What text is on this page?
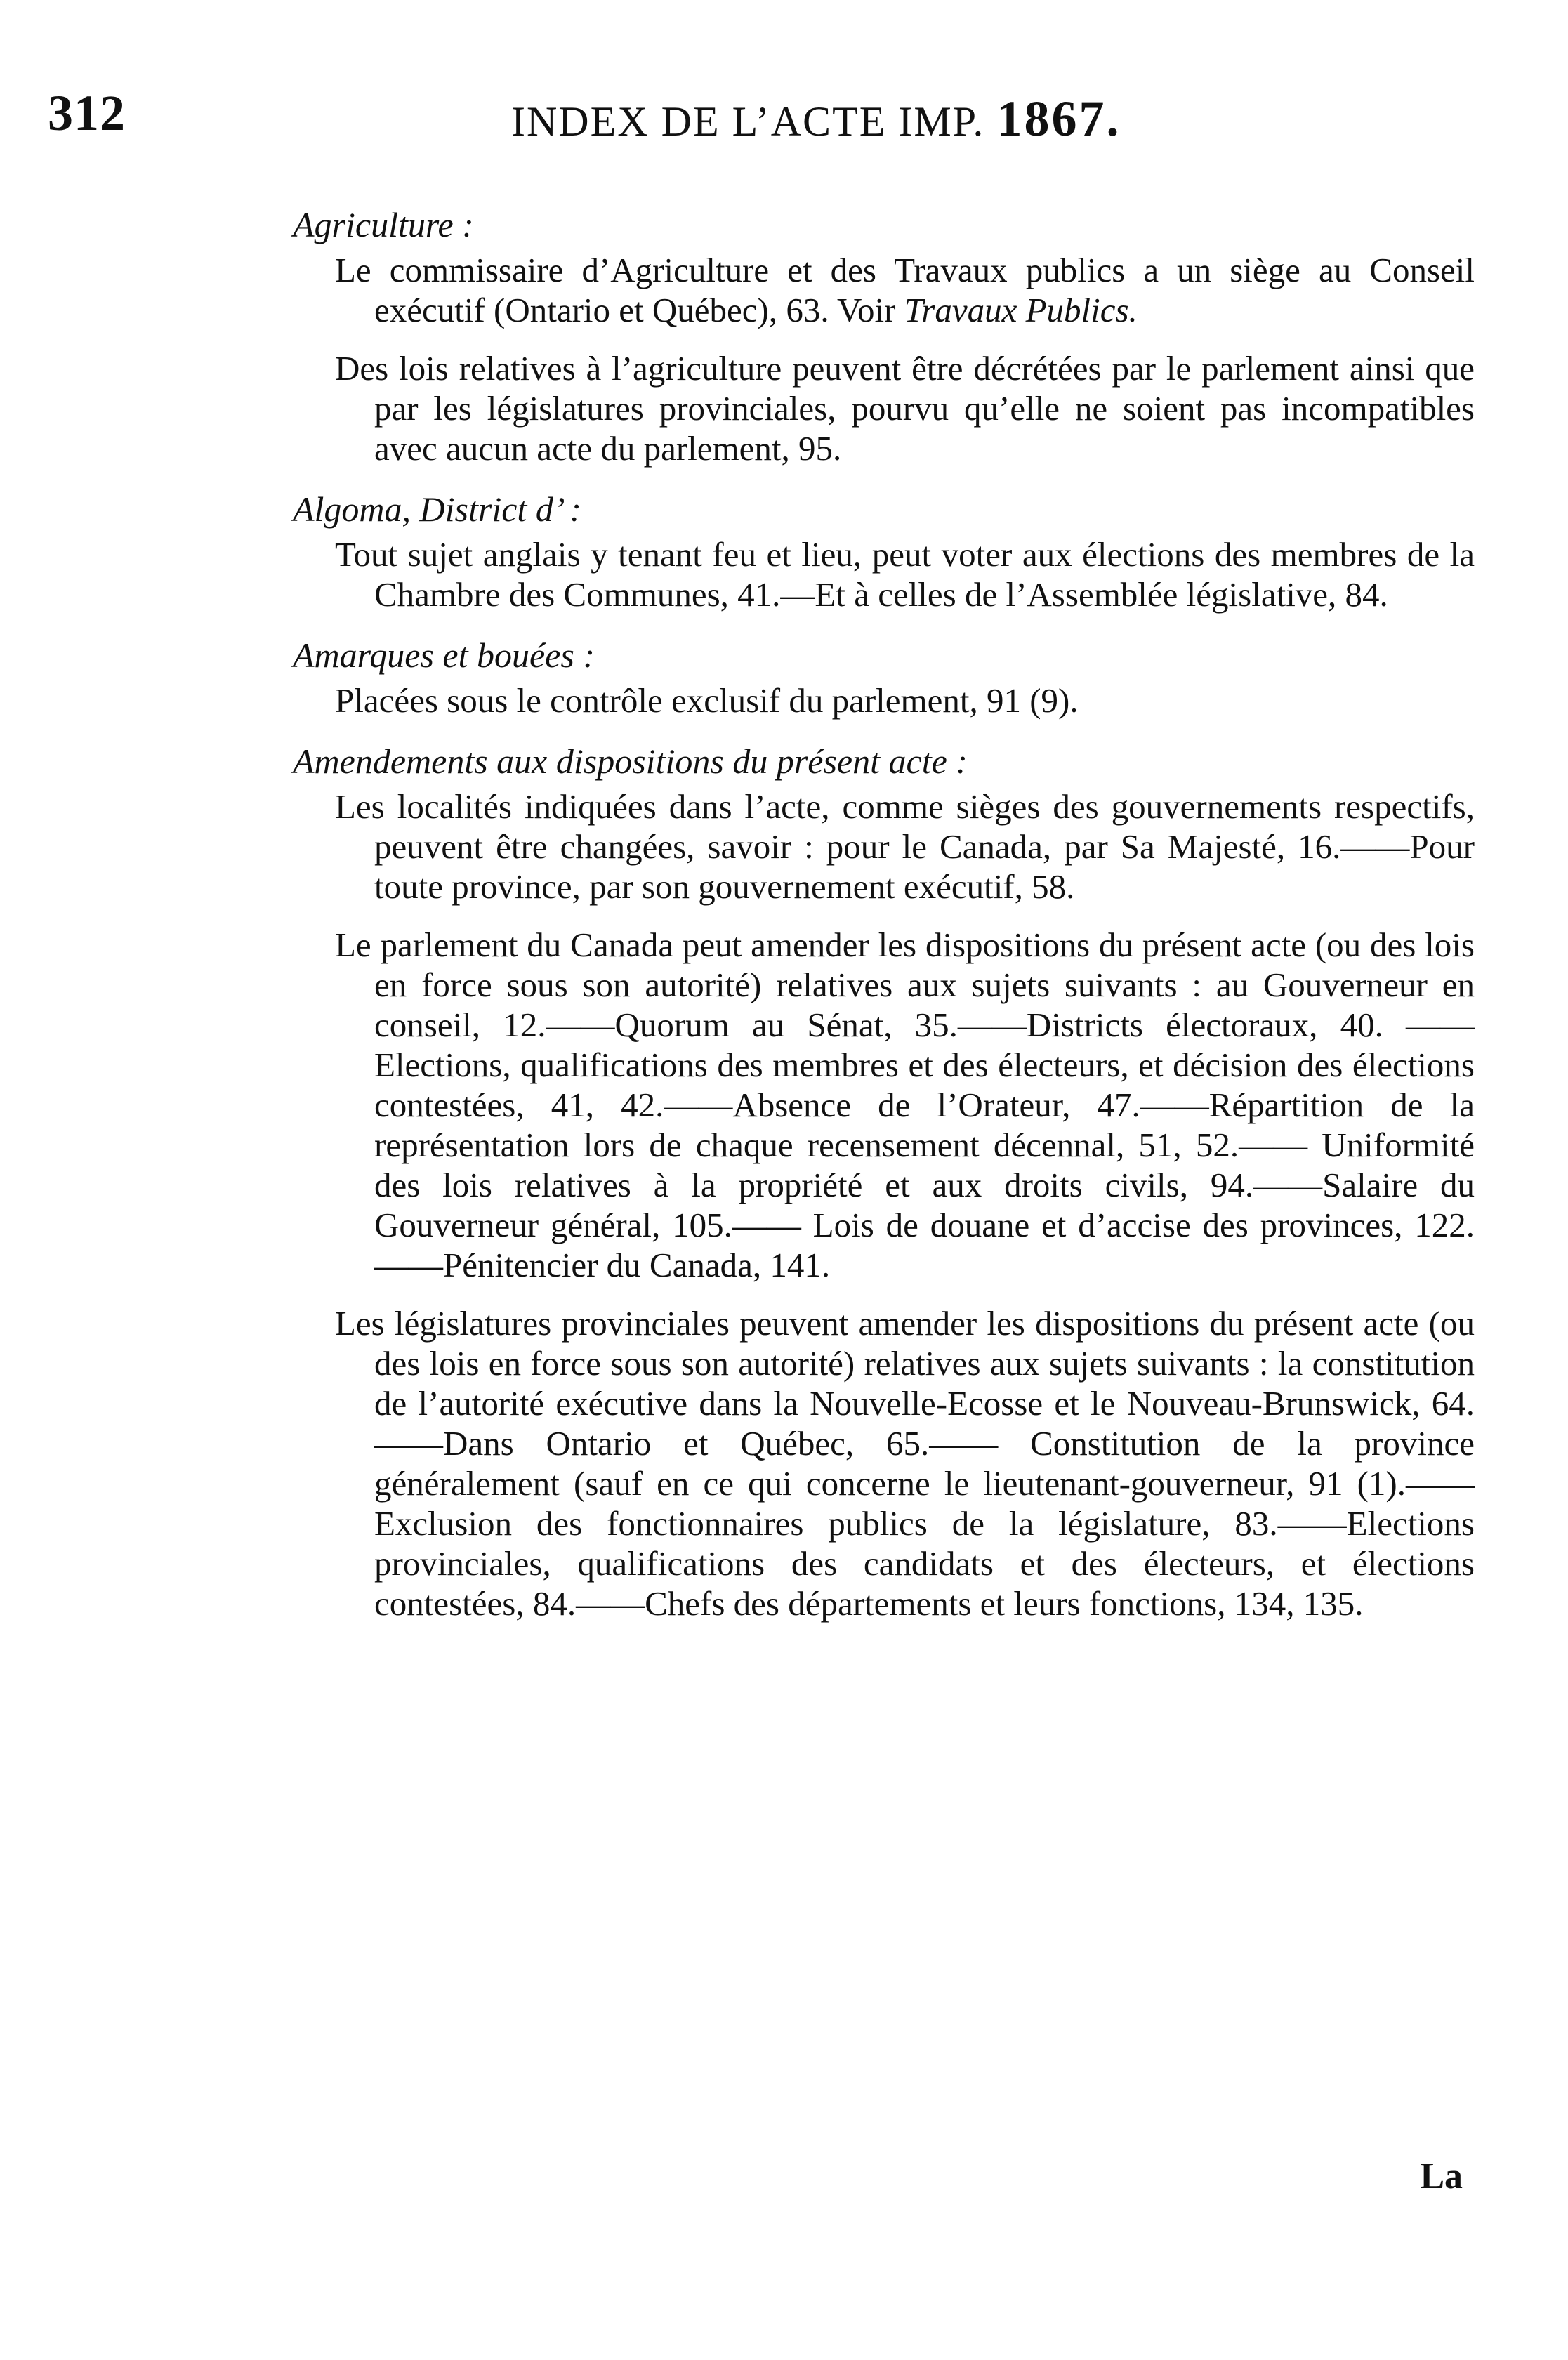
312	INDEX DE L’ACTE IMP. 1867.
Agriculture :

Le commissaire d’Agriculture et des Travaux publics a un siège au Conseil exécutif (Ontario et Québec), 63. Voir Travaux Publics.

Des lois relatives à l’agriculture peuvent être décrétées par le parlement ainsi que par les législatures provinciales, pourvu qu’elle ne soient pas incompatibles avec aucun acte du parlement, 95.

Algoma, District d’ :

Tout sujet anglais y tenant feu et lieu, peut voter aux élections des membres de la Chambre des Communes, 41.—Et à celles de l’Assemblée législative, 84.

Amarques et bouées :

Placées sous le contrôle exclusif du parlement, 91 (9).

Amendements aux dispositions du présent acte :

Les localités indiquées dans l’acte, comme sièges des gouvernements respectifs, peuvent être changées, savoir : pour le Canada, par Sa Majesté, 16.——Pour toute province, par son gouvernement exécutif, 58.

Le parlement du Canada peut amender les dispositions du présent acte (ou des lois en force sous son autorité) relatives aux sujets suivants : au Gouverneur en conseil, 12.——Quorum au Sénat, 35.——Districts électoraux, 40. ——Elections, qualifications des membres et des électeurs, et décision des élections contestées, 41, 42.——Absence de l’Orateur, 47.——Répartition de la représentation lors de chaque recensement décennal, 51, 52.—— Uniformité des lois relatives à la propriété et aux droits civils, 94.——Salaire du Gouverneur général, 105.—— Lois de douane et d’accise des provinces, 122.——Pénitencier du Canada, 141.

Les législatures provinciales peuvent amender les dispositions du présent acte (ou des lois en force sous son autorité) relatives aux sujets suivants : la constitution de l’autorité exécutive dans la Nouvelle-Ecosse et le Nouveau-Brunswick, 64.——Dans Ontario et Québec, 65.—— Constitution de la province généralement (sauf en ce qui concerne le lieutenant-gouverneur, 91 (1).——Exclusion des fonctionnaires publics de la législature, 83.——Elections provinciales, qualifications des candidats et des électeurs, et élections contestées, 84.——Chefs des départements et leurs fonctions, 134, 135.

La
